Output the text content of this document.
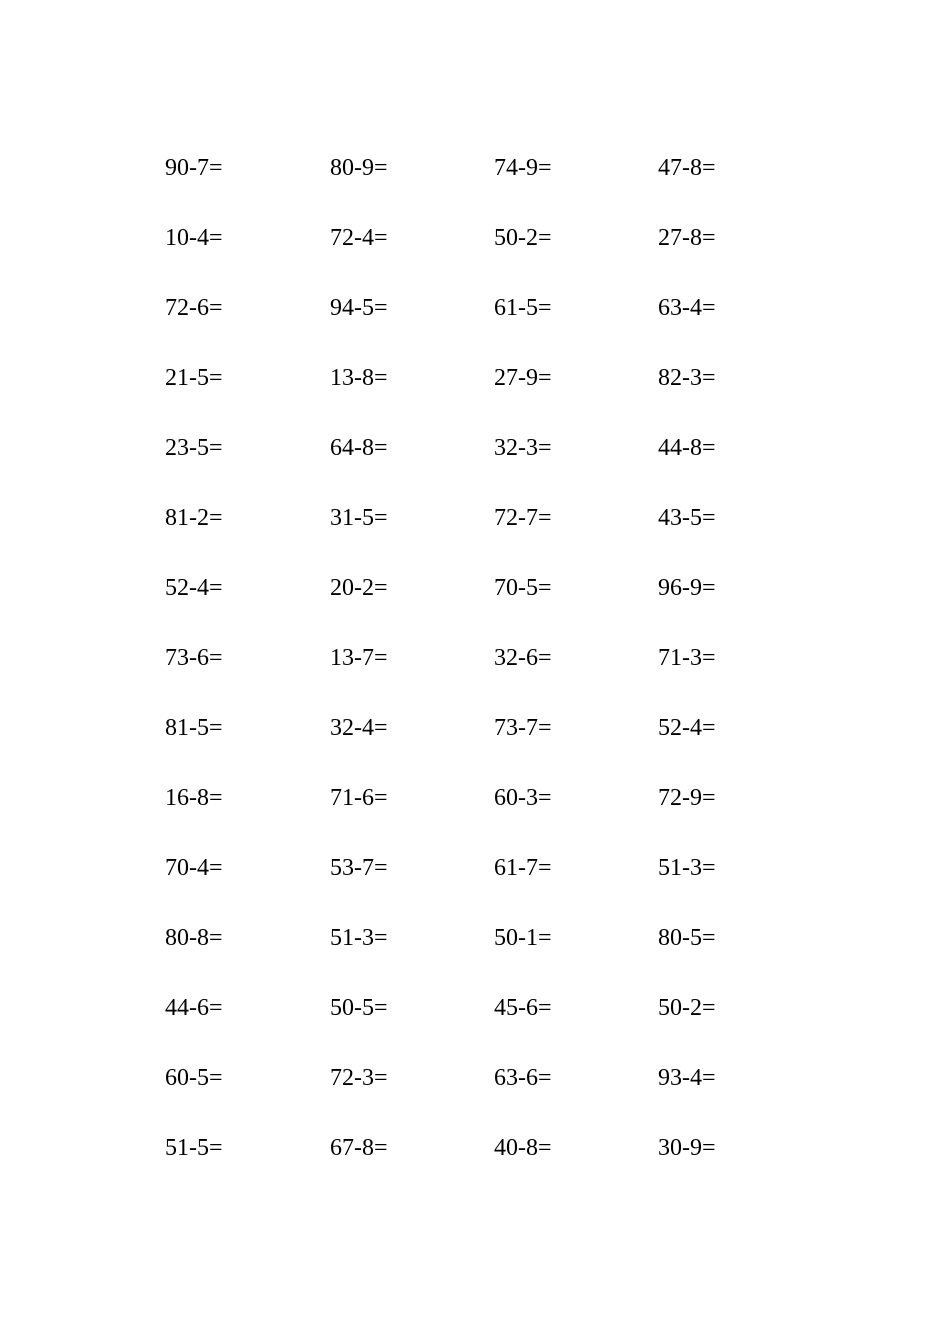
90-7=	80-9=	74-9=	47-8=
10-4=	72-4=	50-2=	27-8=
72-6=	94-5=	61-5=	63-4=
21-5=	13-8=	27-9=	82-3=
23-5=	64-8=	32-3=	44-8=
81-2=	31-5=	72-7=	43-5=
52-4=	20-2=	70-5=	96-9=
73-6=	13-7=	32-6=	71-3=
81-5=	32-4=	73-7=	52-4=
16-8=	71-6=	60-3=	72-9=
70-4=	53-7=	61-7=	51-3=
80-8=	51-3=	50-1=	80-5=
44-6=	50-5=	45-6=	50-2=
60-5=	72-3=	63-6=	93-4=
51-5=	67-8=	40-8=	30-9=
